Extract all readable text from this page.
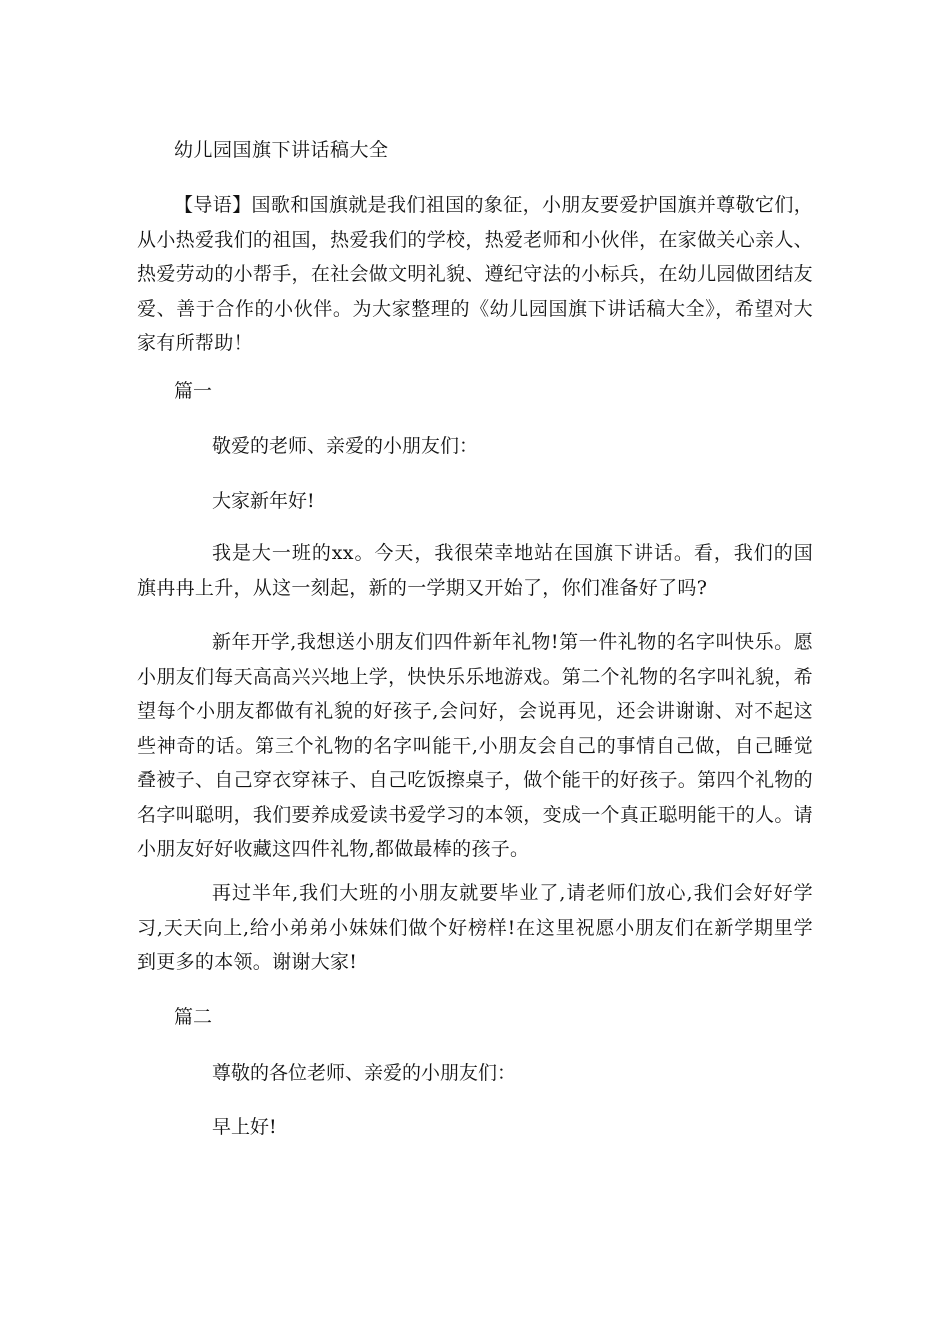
幼儿园国旗下讲话稿大全
【导语】国歌和国旗就是我们祖国的象征，小朋友要爱护国旗并尊敬它们，从小热爱我们的祖国，热爱我们的学校，热爱老师和小伙伴，在家做关心亲人、热爱劳动的小帮手，在社会做文明礼貌、遵纪守法的小标兵，在幼儿园做团结友爱、善于合作的小伙伴。为大家整理的《幼儿园国旗下讲话稿大全》，希望对大家有所帮助！
篇一
敬爱的老师、亲爱的小朋友们：
大家新年好!
我是大一班的xx。今天，我很荣幸地站在国旗下讲话。看，我们的国旗冉冉上升，从这一刻起，新的一学期又开始了，你们准备好了吗?
新年开学,我想送小朋友们四件新年礼物!第一件礼物的名字叫快乐。愿小朋友们每天高高兴兴地上学，快快乐乐地游戏。第二个礼物的名字叫礼貌，希望每个小朋友都做有礼貌的好孩子,会问好，会说再见，还会讲谢谢、对不起这些神奇的话。第三个礼物的名字叫能干,小朋友会自己的事情自己做，自己睡觉叠被子、自己穿衣穿袜子、自己吃饭擦桌子，做个能干的好孩子。第四个礼物的名字叫聪明，我们要养成爱读书爱学习的本领，变成一个真正聪明能干的人。请小朋友好好收藏这四件礼物,都做最棒的孩子。
再过半年,我们大班的小朋友就要毕业了,请老师们放心,我们会好好学习,天天向上,给小弟弟小妹妹们做个好榜样!在这里祝愿小朋友们在新学期里学到更多的本领。谢谢大家!
篇二
尊敬的各位老师、亲爱的小朋友们：
早上好!
